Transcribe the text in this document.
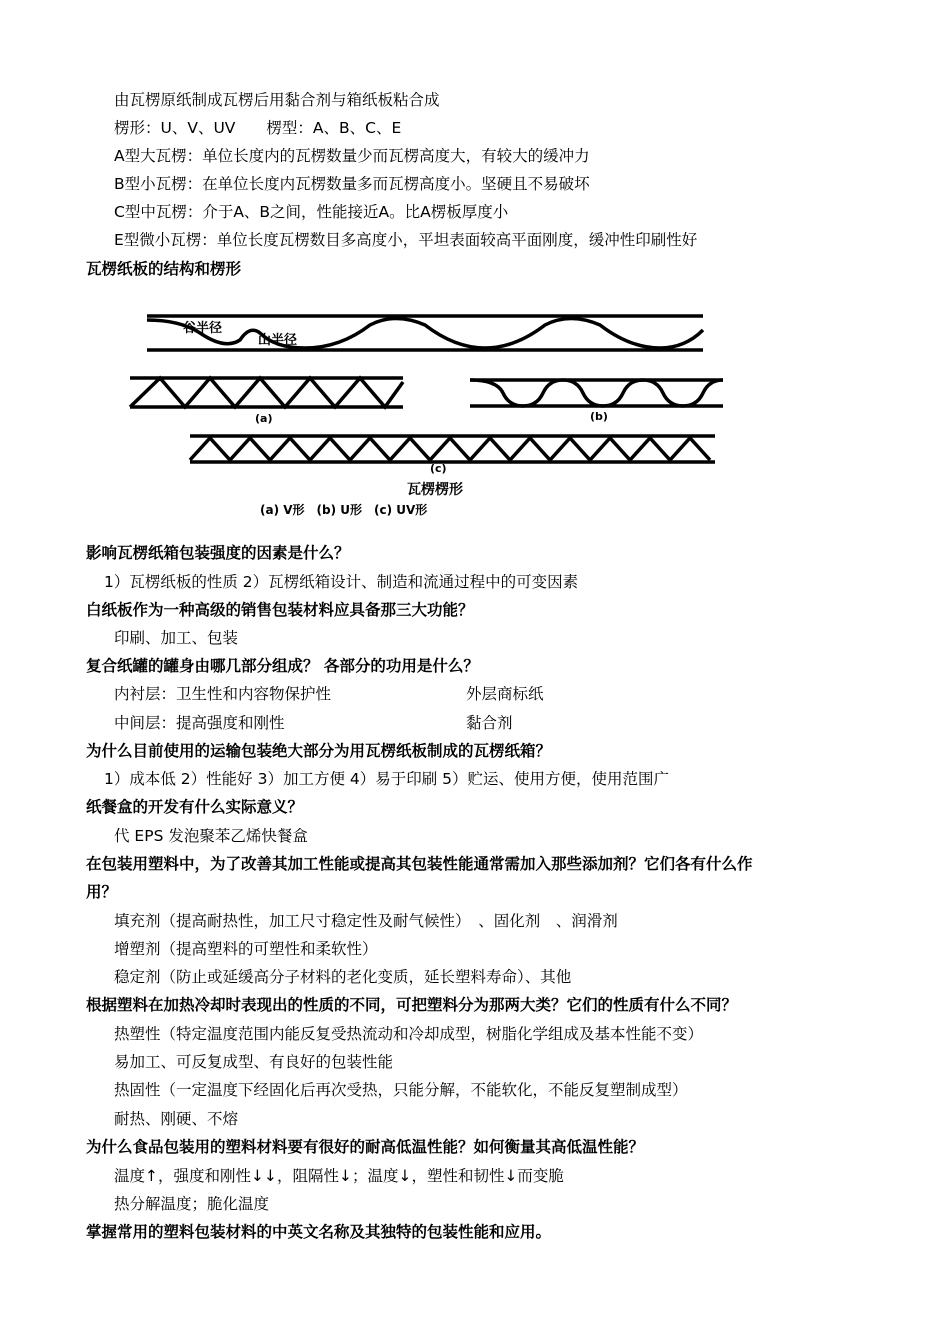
由瓦楞原纸制成瓦楞后用黏合剂与箱纸板粘合成
楞形：U、V、UV　　楞型：A、B、C、E
A型大瓦楞：单位长度内的瓦楞数量少而瓦楞高度大，有较大的缓冲力
B型小瓦楞：在单位长度内瓦楞数量多而瓦楞高度小。坚硬且不易破坏
C型中瓦楞：介于A、B之间，性能接近A。比A楞板厚度小
E型微小瓦楞：单位长度瓦楞数目多高度小，平坦表面较高平面刚度，缓冲性印刷性好
瓦楞纸板的结构和楞形
谷半径
山半径
(a)	(b)
(c)
瓦楞楞形
(a) V形　(b) U形　(c) UV形
影响瓦楞纸箱包装强度的因素是什么？
1）瓦楞纸板的性质 2）瓦楞纸箱设计、制造和流通过程中的可变因素
白纸板作为一种高级的销售包装材料应具备那三大功能？
印刷、加工、包装
复合纸罐的罐身由哪几部分组成？ 各部分的功用是什么？
内衬层：卫生性和内容物保护性	外层商标纸
中间层：提高强度和刚性	黏合剂
为什么目前使用的运输包装绝大部分为用瓦楞纸板制成的瓦楞纸箱？
1）成本低 2）性能好 3）加工方便 4）易于印刷 5）贮运、使用方便，使用范围广
纸餐盒的开发有什么实际意义？
代 EPS 发泡聚苯乙烯快餐盒
在包装用塑料中，为了改善其加工性能或提高其包装性能通常需加入那些添加剂？它们各有什么作
用？
填充剂（提高耐热性，加工尺寸稳定性及耐气候性）　、固化剂　、润滑剂
增塑剂（提高塑料的可塑性和柔软性）
稳定剂（防止或延缓高分子材料的老化变质，延长塑料寿命）、其他
根据塑料在加热冷却时表现出的性质的不同，可把塑料分为那两大类？它们的性质有什么不同？
热塑性（特定温度范围内能反复受热流动和冷却成型，树脂化学组成及基本性能不变）
易加工、可反复成型、有良好的包装性能
热固性（一定温度下经固化后再次受热，只能分解，不能软化，不能反复塑制成型）
耐热、刚硬、不熔
为什么食品包装用的塑料材料要有很好的耐高低温性能？如何衡量其高低温性能？
温度↑，强度和刚性↓↓，阻隔性↓；温度↓，塑性和韧性↓而变脆
热分解温度；脆化温度
掌握常用的塑料包装材料的中英文名称及其独特的包装性能和应用。
